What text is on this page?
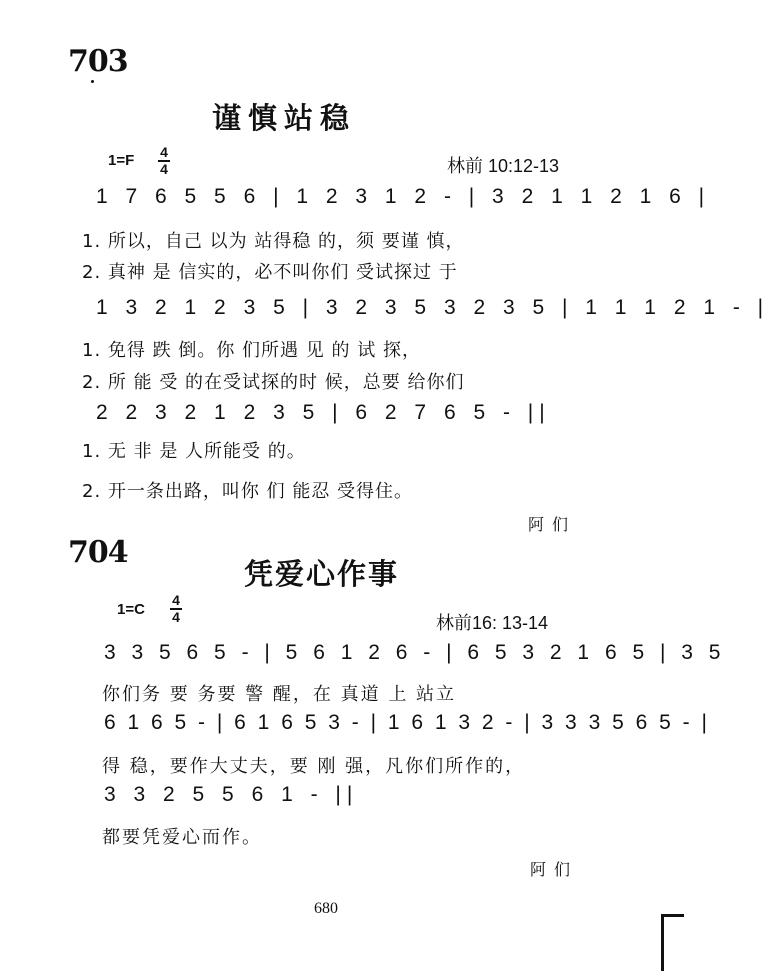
703
谨慎站稳
1=F 4
4	林前 10:12-13
1 7 6 5 5 6 | 1 2 3 1 2 - | 3 2 1 1 2 1 6 |
1. 所以，自己 以为 站得稳 的，须 要谨 慎，
2. 真神 是 信实的，必不叫你们 受试探过 于
1 3 2 1 2 3 5 | 3 2 3 5 3 2 3 5 | 1 1 1 2 1 - |
1. 免得 跌 倒。你 们所遇 见 的 试 探，
2. 所 能 受 的在受试探的时 候，总要 给你们
2 2 3 2 1 2 3 5 | 6 2 7 6 5 - ||
1. 无 非 是 人所能受 的。
2. 开一条出路，叫你 们 能忍 受得住。
阿们
704
凭爱心作事
1=C
4
4	林前16: 13-14
3 3 5 6 5 - | 5 6 1 2 6 - | 6 5 3 2 1 6 5 | 3 5
你们务 要 务要 警 醒，在 真道 上 站立
6 1 6 5 - | 6 1 6 5 3 - | 1 6 1 3 2 - | 3 3 3 5 6 5 - |
得 稳，要作大丈夫，要 刚 强，凡你们所作的，
3 3 2 5 5 6 1 - ||
都要凭爱心而作。
阿们
680
